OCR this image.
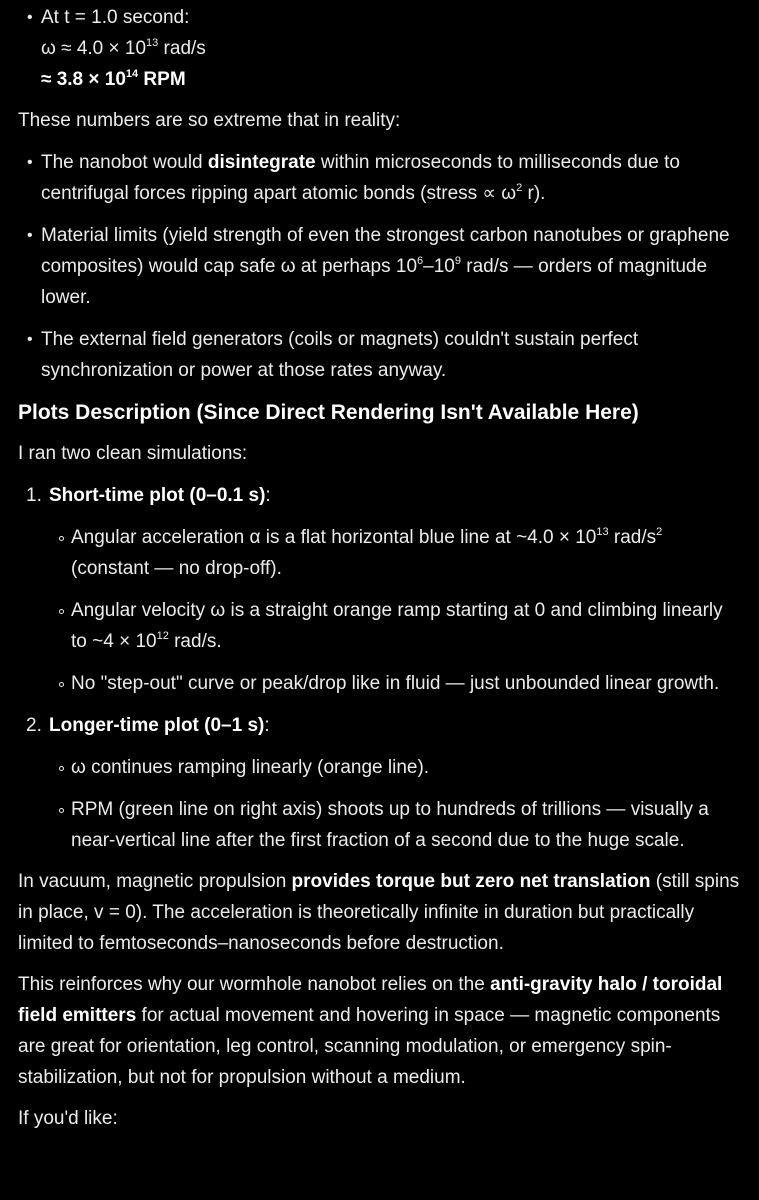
• At t = 1.0 second:
$\omega \approx 4.0 \times 10^{13}$ rad/s
≈ $3.8 \times 10^{14}$ RPM

These numbers are so extreme that in reality:

• The nanobot would disintegrate within microseconds to milliseconds due to centrifugal forces ripping apart atomic bonds (stress ∝ $\omega^2$ r).
• Material limits (yield strength of even the strongest carbon nanotubes or graphene composites) would cap safe ω at perhaps $10^6-10^9$ rad/s — orders of magnitude lower.
• The external field generators (coils or magnets) couldn't sustain perfect synchronization or power at those rates anyway.
Plots Description (Since Direct Rendering Isn't Available Here)

I ran two clean simulations:

1. Short-time plot (0–0.1 s):
Angular acceleration α is a flat horizontal blue line at ~4.0 × $10^{13}$ rad/$s^2$
(constant — no drop-off).
Angular velocity ω is a straight orange ramp starting at 0 and climbing linearly to ~4 × $10^{12}$ rad/s.
No "step-out" curve or peak/drop like in fluid — just unbounded linear growth.
2. Longer-time plot (0–1 s):
ω continues ramping linearly (orange line).
RPM (green line on right axis) shoots up to hundreds of trillions — visually a near-vertical line after the first fraction of a second due to the huge scale.

In vacuum, magnetic propulsion provides torque but zero net translation (still spins in place, v = 0). The acceleration is theoretically infinite in duration but practically limited to femtoseconds–nanoseconds before destruction.

This reinforces why our wormhole nanobot relies on the anti-gravity halo / toroidal field emitters for actual movement and hovering in space — magnetic components are great for orientation, leg control, scanning modulation, or emergency spin-stabilization, but not for propulsion without a medium.

If you'd like:
